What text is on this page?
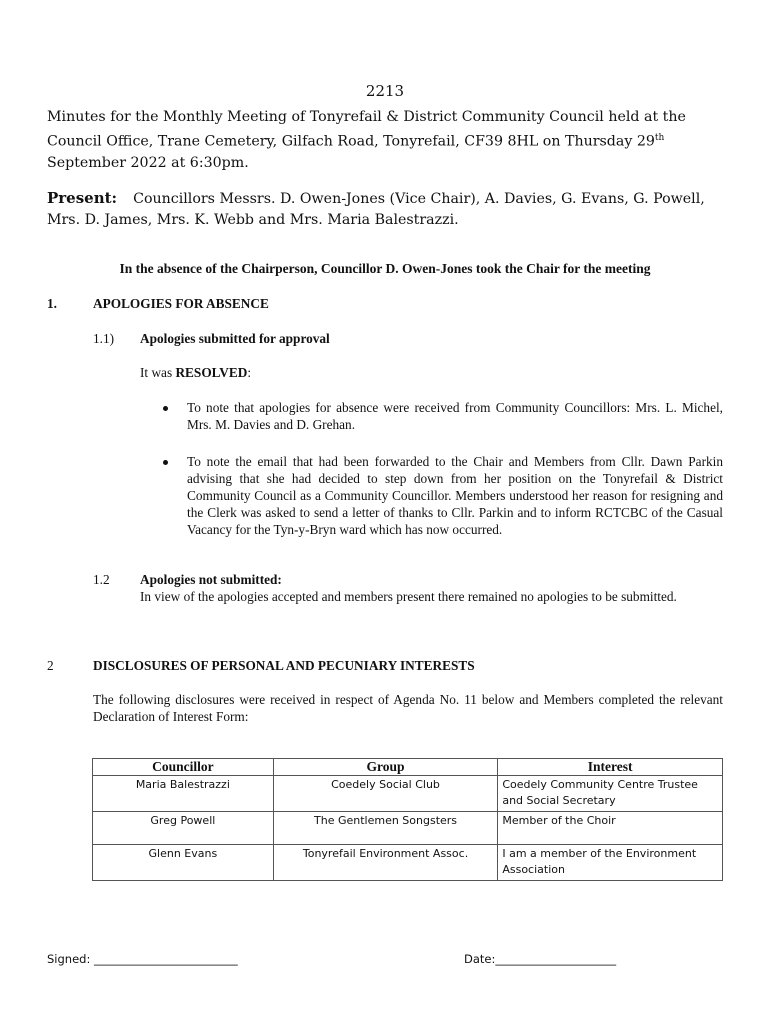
2213
Minutes for the Monthly Meeting of Tonyrefail & District Community Council held at the Council Office, Trane Cemetery, Gilfach Road, Tonyrefail, CF39 8HL on Thursday 29th September 2022 at 6:30pm.
Present: Councillors Messrs. D. Owen-Jones (Vice Chair), A. Davies, G. Evans, G. Powell, Mrs. D. James, Mrs. K. Webb and Mrs. Maria Balestrazzi.
In the absence of the Chairperson, Councillor D. Owen-Jones took the Chair for the meeting
1.	APOLOGIES FOR ABSENCE
1.1) Apologies submitted for approval
It was RESOLVED:
To note that apologies for absence were received from Community Councillors: Mrs. L. Michel, Mrs. M. Davies and D. Grehan.
To note the email that had been forwarded to the Chair and Members from Cllr. Dawn Parkin advising that she had decided to step down from her position on the Tonyrefail & District Community Council as a Community Councillor. Members understood her reason for resigning and the Clerk was asked to send a letter of thanks to Cllr. Parkin and to inform RCTCBC of the Casual Vacancy for the Tyn-y-Bryn ward which has now occurred.
1.2 Apologies not submitted:
In view of the apologies accepted and members present there remained no apologies to be submitted.
2	DISCLOSURES OF PERSONAL AND PECUNIARY INTERESTS
The following disclosures were received in respect of Agenda No. 11 below and Members completed the relevant Declaration of Interest Form:
Councillor	Group	Interest
Maria Balestrazzi	Coedely Social Club	Coedely Community Centre Trustee and Social Secretary
Greg Powell	The Gentlemen Songsters	Member of the Choir
Glenn Evans	Tonyrefail Environment Assoc.	I am a member of the Environment Association
Signed: _________________________	Date:_____________________
